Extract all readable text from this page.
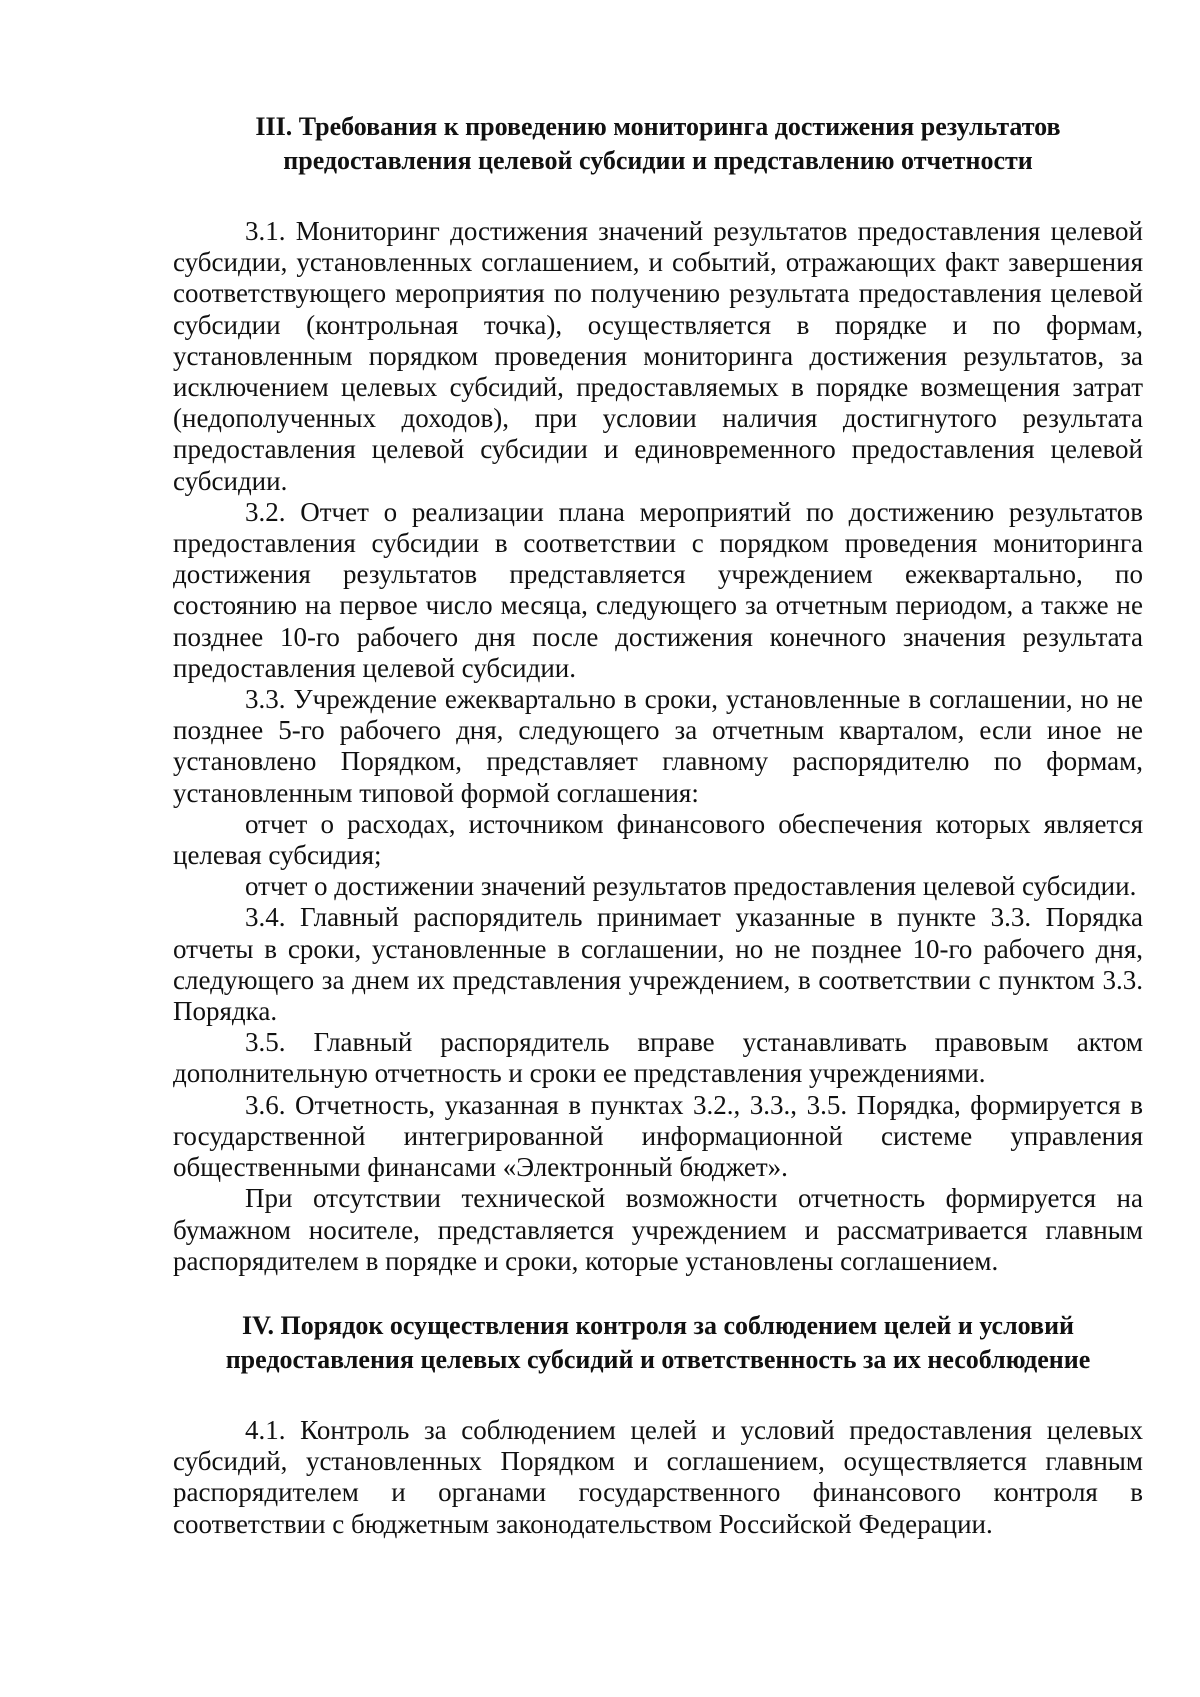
III. Требования к проведению мониторинга достижения результатов
предоставления целевой субсидии и представлению отчетности

3.1. Мониторинг достижения значений результатов предоставления целевой субсидии, установленных соглашением, и событий, отражающих факт завершения соответствующего мероприятия по получению результата предоставления целевой субсидии (контрольная точка), осуществляется в порядке и по формам, установленным порядком проведения мониторинга достижения результатов, за исключением целевых субсидий, предоставляемых в порядке возмещения затрат (недополученных доходов), при условии наличия достигнутого результата предоставления целевой субсидии и единовременного предоставления целевой субсидии.

3.2. Отчет о реализации плана мероприятий по достижению результатов предоставления субсидии в соответствии с порядком проведения мониторинга достижения результатов представляется учреждением ежеквартально, по состоянию на первое число месяца, следующего за отчетным периодом, а также не позднее 10-го рабочего дня после достижения конечного значения результата предоставления целевой субсидии.

3.3. Учреждение ежеквартально в сроки, установленные в соглашении, но не позднее 5-го рабочего дня, следующего за отчетным кварталом, если иное не установлено Порядком, представляет главному распорядителю по формам, установленным типовой формой соглашения:

отчет о расходах, источником финансового обеспечения которых является целевая субсидия;

отчет о достижении значений результатов предоставления целевой субсидии.

3.4. Главный распорядитель принимает указанные в пункте 3.3. Порядка отчеты в сроки, установленные в соглашении, но не позднее 10-го рабочего дня, следующего за днем их представления учреждением, в соответствии с пунктом 3.3. Порядка.

3.5. Главный распорядитель вправе устанавливать правовым актом дополнительную отчетность и сроки ее представления учреждениями.

3.6. Отчетность, указанная в пунктах 3.2., 3.3., 3.5. Порядка, формируется в государственной интегрированной информационной системе управления общественными финансами «Электронный бюджет».

При отсутствии технической возможности отчетность формируется на бумажном носителе, представляется учреждением и рассматривается главным распорядителем в порядке и сроки, которые установлены соглашением.

IV. Порядок осуществления контроля за соблюдением целей и условий
предоставления целевых субсидий и ответственность за их несоблюдение

4.1. Контроль за соблюдением целей и условий предоставления целевых субсидий, установленных Порядком и соглашением, осуществляется главным распорядителем и органами государственного финансового контроля в соответствии с бюджетным законодательством Российской Федерации.
